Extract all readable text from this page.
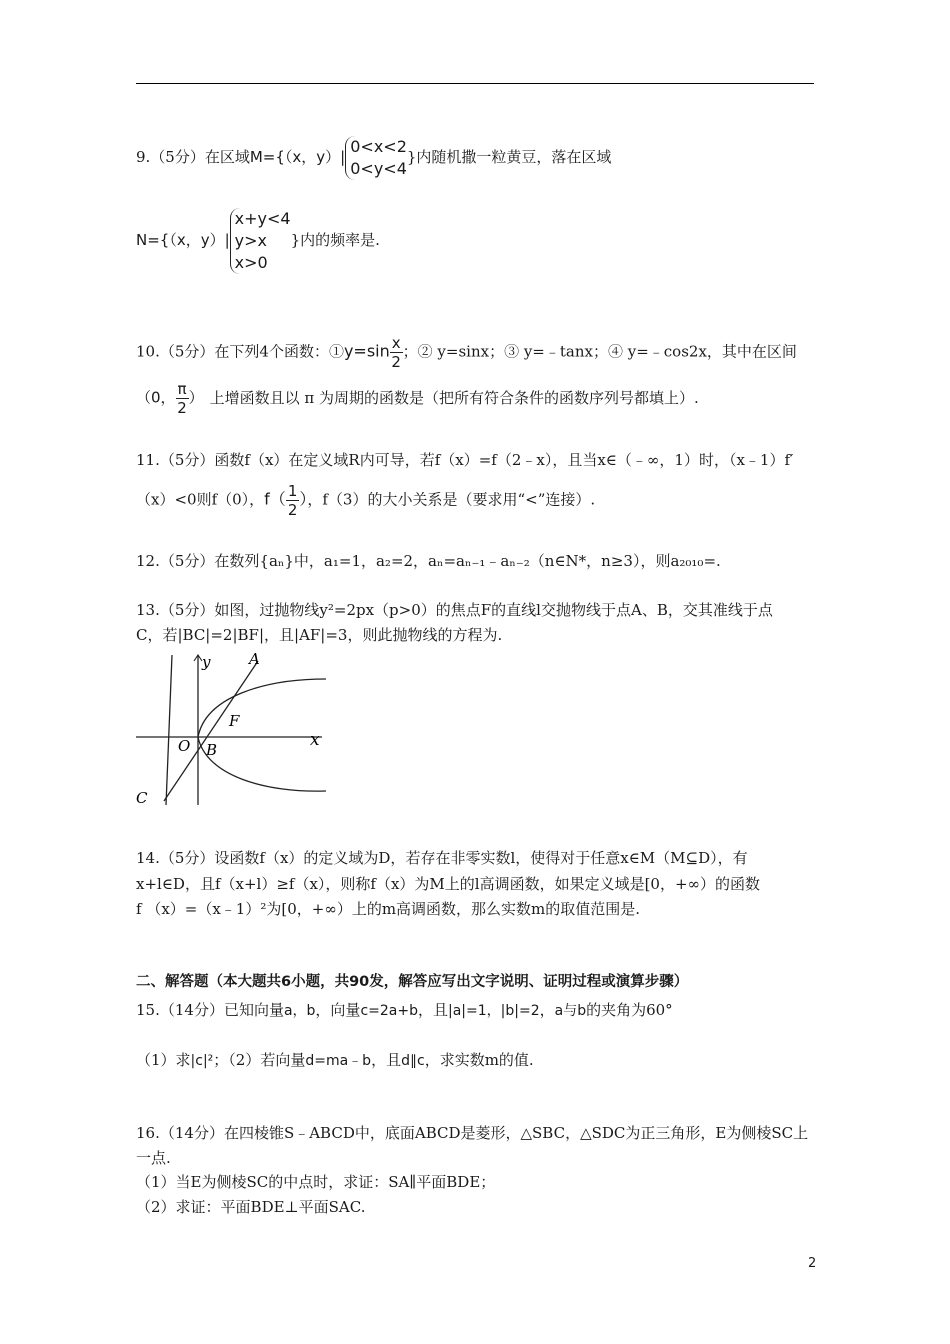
9.（5分）在区域M={（x，y）|
0<x<2
0<y<4
}内随机撒一粒黄豆，落在区域
N={（x，y）|
x+y<4
y>x
x>0
}内的频率是.
10.（5分）在下列4个函数：①y=sin $\frac{x}{2}$ ；② y=sinx；③ y=﹣tanx；④ y=﹣cos2x，其中在区间
（0， $\frac{\pi}{2}$ ） 上增函数且以 π 为周期的函数是（把所有符合条件的函数序列号都填上）.
11.（5分）函数f（x）在定义域R内可导，若f（x）=f（2﹣x），且当x∈（﹣∞，1）时，（x﹣1）f′
（x）<0则f（0），$f( \frac{1}{2}$ ），f（3）的大小关系是（要求用“<”连接）.
12.（5分）在数列{aₙ}中，a₁=1，a₂=2，aₙ=aₙ₋₁﹣aₙ₋₂（n∈N*，n≥3），则a₂₀₁₀=.
13.（5分）如图，过抛物线y²=2px（p>0）的焦点F的直线l交抛物线于点A、B，交其准线于点
C，若|BC|=2|BF|，且|AF|=3，则此抛物线的方程为.
y
x
A
F
O B
C
14.（5分）设函数f（x）的定义域为D，若存在非零实数l，使得对于任意x∈M（M⊆D），有
x+l∈D，且f（x+l）≥f（x），则称f（x）为M上的l高调函数，如果定义域是[0，+∞）的函数
f （x）=（x﹣1）²为[0，+∞）上的m高调函数，那么实数m的取值范围是.
二、解答题（本大题共6小题，共90发，解答应写出文字说明、证明过程或演算步骤）
15.（14分）已知向量a，b，向量c=2a+b，且|a|=1，|b|=2，a与b的夹角为60°
（1）求|c|²；（2）若向量d=ma﹣b，且d∥c，求实数m的值.
16.（14分）在四棱锥S﹣ABCD中，底面ABCD是菱形，△SBC，△SDC为正三角形，E为侧棱SC上
一点.
（1）当E为侧棱SC的中点时，求证：SA∥平面BDE；
（2）求证：平面BDE⊥平面SAC.
2
